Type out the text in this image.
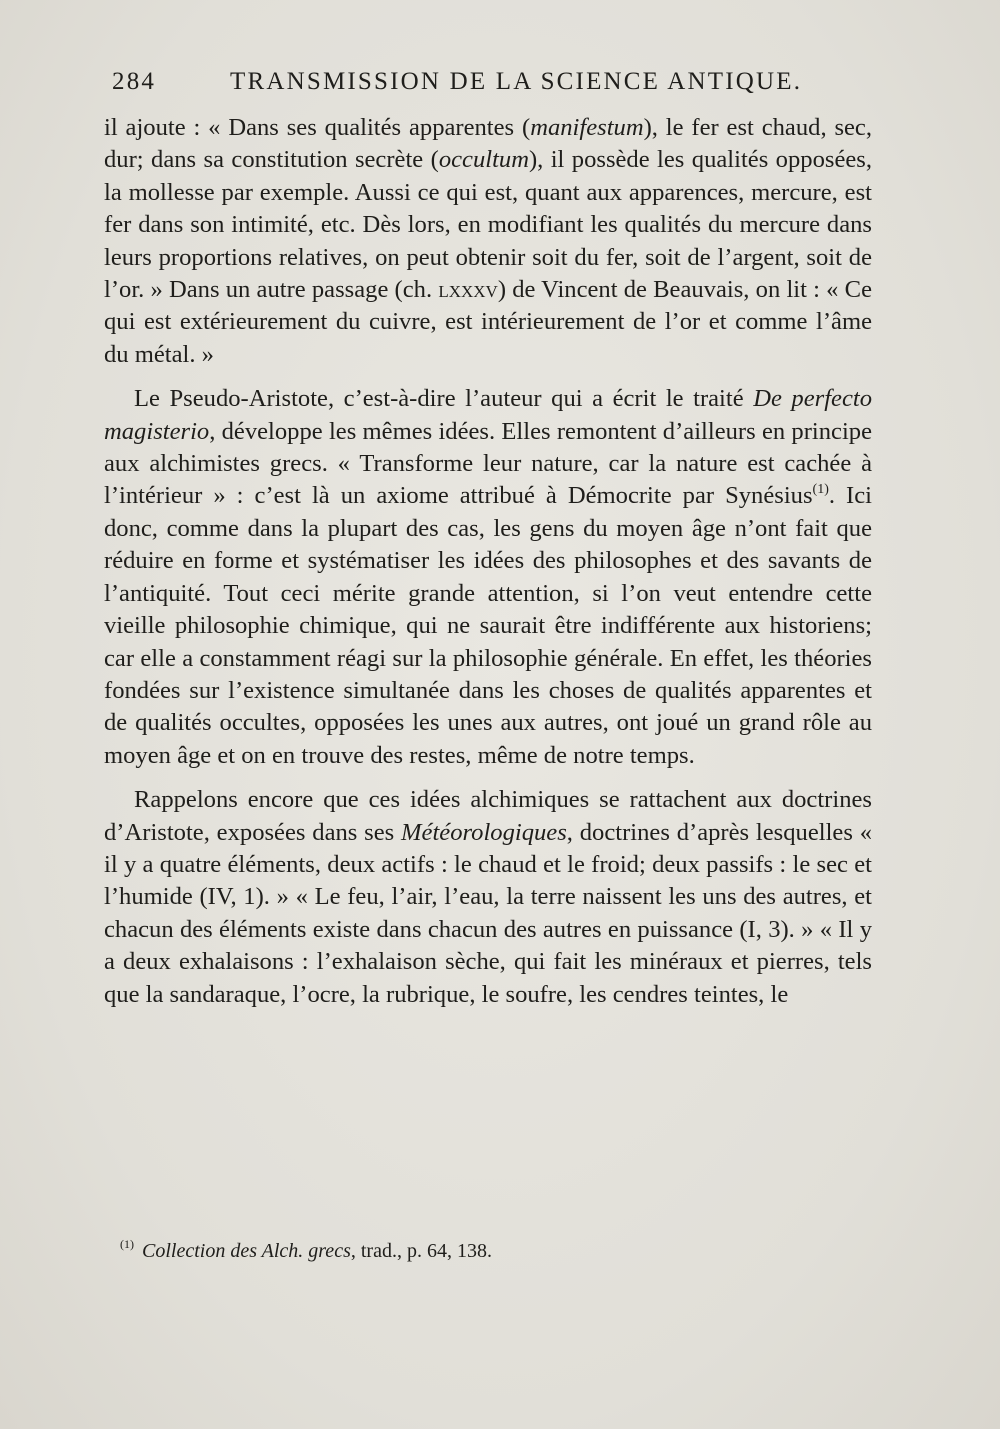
284	TRANSMISSION DE LA SCIENCE ANTIQUE.

il ajoute : « Dans ses qualités apparentes (manifestum), le fer est chaud, sec, dur; dans sa constitution secrète (occultum), il possède les qualités opposées, la mollesse par exemple. Aussi ce qui est, quant aux apparences, mercure, est fer dans son intimité, etc. Dès lors, en modifiant les qualités du mercure dans leurs proportions relatives, on peut obtenir soit du fer, soit de l’argent, soit de l’or. » Dans un autre passage (ch. lxxxv) de Vincent de Beauvais, on lit : « Ce qui est extérieurement du cuivre, est intérieurement de l’or et comme l’âme du métal. »

Le Pseudo-Aristote, c’est-à-dire l’auteur qui a écrit le traité De perfecto magisterio, développe les mêmes idées. Elles remontent d’ailleurs en principe aux alchimistes grecs. « Transforme leur nature, car la nature est cachée à l’intérieur » : c’est là un axiome attribué à Démocrite par Synésius$^{(1)}$. Ici donc, comme dans la plupart des cas, les gens du moyen âge n’ont fait que réduire en forme et systématiser les idées des philosophes et des savants de l’antiquité. Tout ceci mérite grande attention, si l’on veut entendre cette vieille philosophie chimique, qui ne saurait être indifférente aux historiens; car elle a constamment réagi sur la philosophie générale. En effet, les théories fondées sur l’existence simultanée dans les choses de qualités apparentes et de qualités occultes, opposées les unes aux autres, ont joué un grand rôle au moyen âge et on en trouve des restes, même de notre temps.

Rappelons encore que ces idées alchimiques se rattachent aux doctrines d’Aristote, exposées dans ses Météorologiques, doctrines d’après lesquelles « il y a quatre éléments, deux actifs : le chaud et le froid; deux passifs : le sec et l’humide (IV, 1). » « Le feu, l’air, l’eau, la terre naissent les uns des autres, et chacun des éléments existe dans chacun des autres en puissance (I, 3). » « Il y a deux exhalaisons : l’exhalaison sèche, qui fait les minéraux et pierres, tels que la sandaraque, l’ocre, la rubrique, le soufre, les cendres teintes, le

$^{(1)}$ Collection des Alch. grecs, trad., p. 64, 138.
